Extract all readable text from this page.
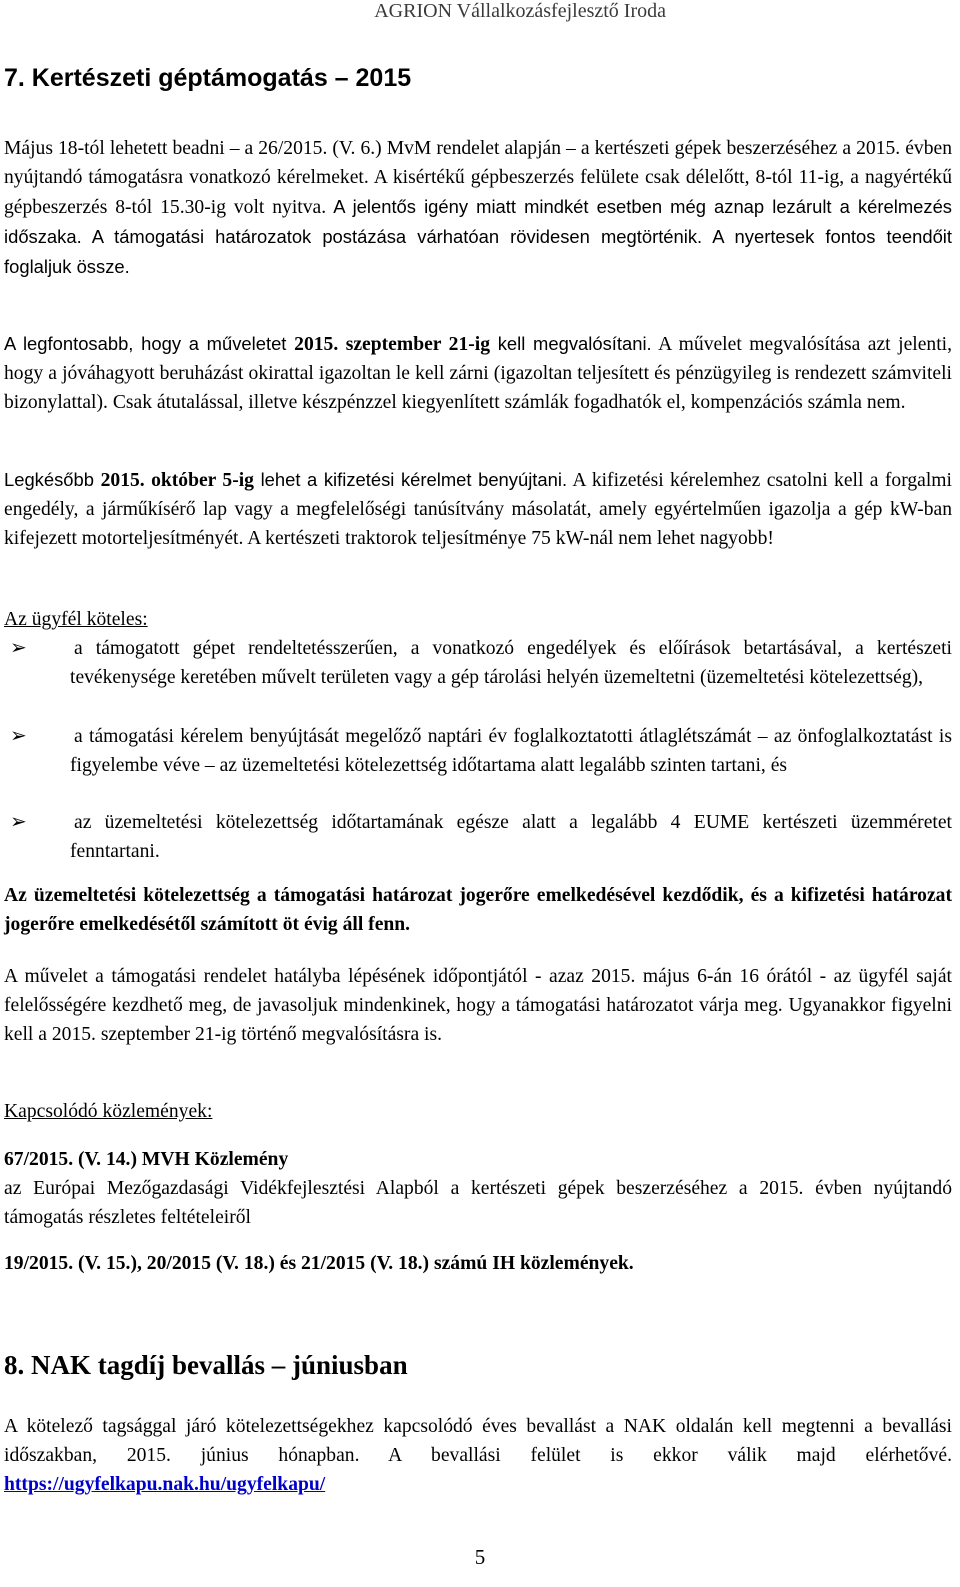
AGRION Vállalkozásfejlesztő Iroda
7. Kertészeti géptámogatás – 2015

Május 18-tól lehetett beadni – a 26/2015. (V. 6.) MvM rendelet alapján – a kertészeti gépek beszerzéséhez a 2015. évben nyújtandó támogatásra vonatkozó kérelmeket. A kisértékű gépbeszerzés felülete csak délelőtt, 8-tól 11-ig, a nagyértékű gépbeszerzés 8-tól 15.30-ig volt nyitva. A jelentős igény miatt mindkét esetben még aznap lezárult a kérelmezés időszaka. A támogatási határozatok postázása várhatóan rövidesen megtörténik. A nyertesek fontos teendőit foglaljuk össze.

A legfontosabb, hogy a műveletet 2015. szeptember 21-ig kell megvalósítani. A művelet megvalósítása azt jelenti, hogy a jóváhagyott beruházást okirattal igazoltan le kell zárni (igazoltan teljesített és pénzügyileg is rendezett számviteli bizonylattal). Csak átutalással, illetve készpénzzel kiegyenlített számlák fogadhatók el, kompenzációs számla nem.

Legkésőbb 2015. október 5-ig lehet a kifizetési kérelmet benyújtani. A kifizetési kérelemhez csatolni kell a forgalmi engedély, a járműkísérő lap vagy a megfelelőségi tanúsítvány másolatát, amely egyértelműen igazolja a gép kW-ban kifejezett motorteljesítményét. A kertészeti traktorok teljesítménye 75 kW-nál nem lehet nagyobb!

Az ügyfél köteles:

➢ a támogatott gépet rendeltetésszerűen, a vonatkozó engedélyek és előírások betartásával, a kertészeti tevékenysége keretében művelt területen vagy a gép tárolási helyén üzemeltetni (üzemeltetési kötelezettség),

➢ a támogatási kérelem benyújtását megelőző naptári év foglalkoztatotti átlaglétszámát – az önfoglalkoztatást is figyelembe véve – az üzemeltetési kötelezettség időtartama alatt legalább szinten tartani, és

➢ az üzemeltetési kötelezettség időtartamának egésze alatt a legalább 4 EUME kertészeti üzemméretet fenntartani.

Az üzemeltetési kötelezettség a támogatási határozat jogerőre emelkedésével kezdődik, és a kifizetési határozat jogerőre emelkedésétől számított öt évig áll fenn.

A művelet a támogatási rendelet hatályba lépésének időpontjától - azaz 2015. május 6-án 16 órától - az ügyfél saját felelősségére kezdhető meg, de javasoljuk mindenkinek, hogy a támogatási határozatot várja meg. Ugyanakkor figyelni kell a 2015. szeptember 21-ig történő megvalósításra is.

Kapcsolódó közlemények:

67/2015. (V. 14.) MVH Közlemény

az Európai Mezőgazdasági Vidékfejlesztési Alapból a kertészeti gépek beszerzéséhez a 2015. évben nyújtandó támogatás részletes feltételeiről

19/2015. (V. 15.), 20/2015 (V. 18.) és 21/2015 (V. 18.) számú IH közlemények.

8. NAK tagdíj bevallás – júniusban

A kötelező tagsággal járó kötelezettségekhez kapcsolódó éves bevallást a NAK oldalán kell megtenni a bevallási időszakban, 2015. június hónapban. A bevallási felület is ekkor válik majd elérhetővé. https://ugyfelkapu.nak.hu/ugyfelkapu/

5
